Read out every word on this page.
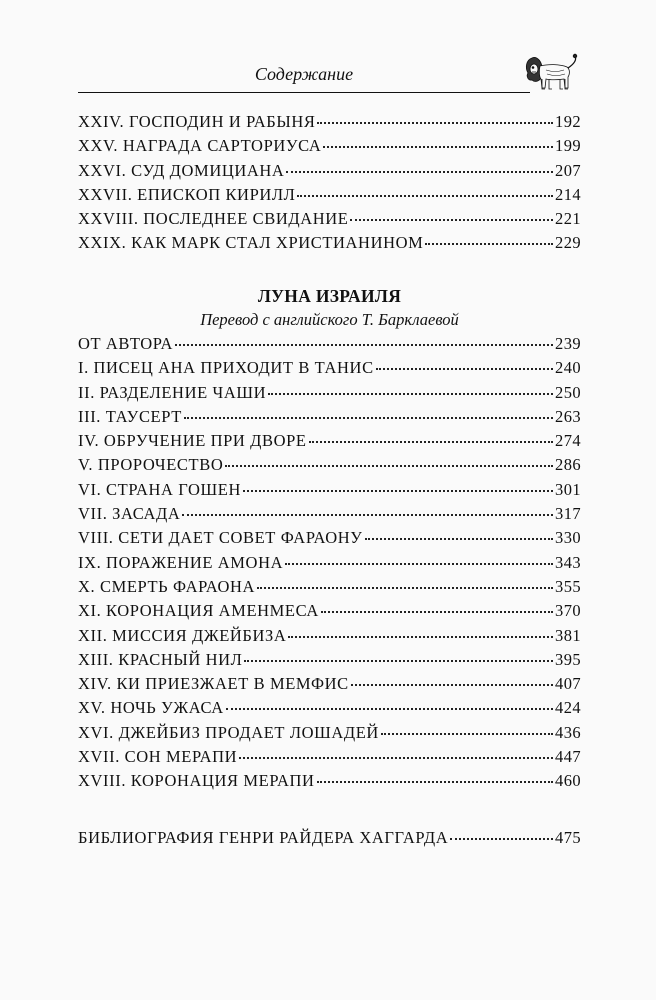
Содержание
XXIV. ГОСПОДИН И РАБЫНЯ	192
XXV. НАГРАДА САРТОРИУСА	199
XXVI. СУД ДОМИЦИАНА	207
XXVII. ЕПИСКОП КИРИЛЛ	214
XXVIII. ПОСЛЕДНЕЕ СВИДАНИЕ	221
XXIX. КАК МАРК СТАЛ ХРИСТИАНИНОМ	229
ЛУНА ИЗРАИЛЯ
Перевод с английского Т. Барклаевой
ОТ АВТОРА	239
I. ПИСЕЦ АНА ПРИХОДИТ В ТАНИС	240
II. РАЗДЕЛЕНИЕ ЧАШИ	250
III. ТАУСЕРТ	263
IV. ОБРУЧЕНИЕ ПРИ ДВОРЕ	274
V. ПРОРОЧЕСТВО	286
VI. СТРАНА ГОШЕН	301
VII. ЗАСАДА	317
VIII. СЕТИ ДАЕТ СОВЕТ ФАРАОНУ	330
IX. ПОРАЖЕНИЕ АМОНА	343
X. СМЕРТЬ ФАРАОНА	355
XI. КОРОНАЦИЯ АМЕНМЕСА	370
XII. МИССИЯ ДЖЕЙБИЗА	381
XIII. КРАСНЫЙ НИЛ	395
XIV. КИ ПРИЕЗЖАЕТ В МЕМФИС	407
XV. НОЧЬ УЖАСА	424
XVI. ДЖЕЙБИЗ ПРОДАЕТ ЛОШАДЕЙ	436
XVII. СОН МЕРАПИ	447
XVIII. КОРОНАЦИЯ МЕРАПИ	460
БИБЛИОГРАФИЯ ГЕНРИ РАЙДЕРА ХАГГАРДА	475
